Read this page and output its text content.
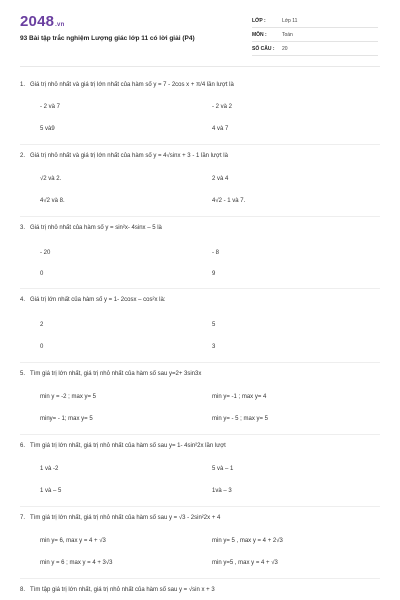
2048.vn
93 Bài tập trắc nghiệm Lượng giác lớp 11 có lời giải (P4)
LỚP :	Lớp 11
MÔN :	Toán
SỐ CÂU :	20
1. Giá trị nhỏ nhất và giá trị lớn nhất của hàm số y = 7 - 2cos x + π/4 lần lượt là
- 2 và 7	- 2 và 2
5 và9	4 và 7
2. Giá trị nhỏ nhất và giá trị lớn nhất của hàm số y = 4√sinx + 3 - 1 lần lượt là
√2 và 2.	2 và 4
4√2 và 8.	4√2 - 1 và 7.
3. Giá trị nhỏ nhất của hàm số y = sin²x- 4sinx – 5 là
- 20	- 8
0	9
4. Giá trị lớn nhất của hàm số y = 1- 2cosx – cos²x là:
2	5
0	3
5. Tìm giá trị lớn nhất, giá trị nhỏ nhất của hàm số sau y=2+ 3sin3x
min y = -2 ; max y= 5	min y= -1 ; max y= 4
miny= - 1; max y= 5	min y= - 5 ; max y= 5
6. Tìm giá trị lớn nhất, giá trị nhỏ nhất của hàm số sau y= 1- 4sin²2x lần lượt
1 và -2	5 và – 1
1 và – 5	1và – 3
7. Tìm giá trị lớn nhất, giá trị nhỏ nhất của hàm số sau y = √3 - 2sin²2x + 4
min y= 6, max y = 4 + √3	min y= 5 , max y = 4 + 2√3
min y = 6 ; max y = 4 + 3√3	min y=5 , max y = 4 + √3
8. Tìm tập giá trị lớn nhất, giá trị nhỏ nhất của hàm số sau y = √sin x + 3
